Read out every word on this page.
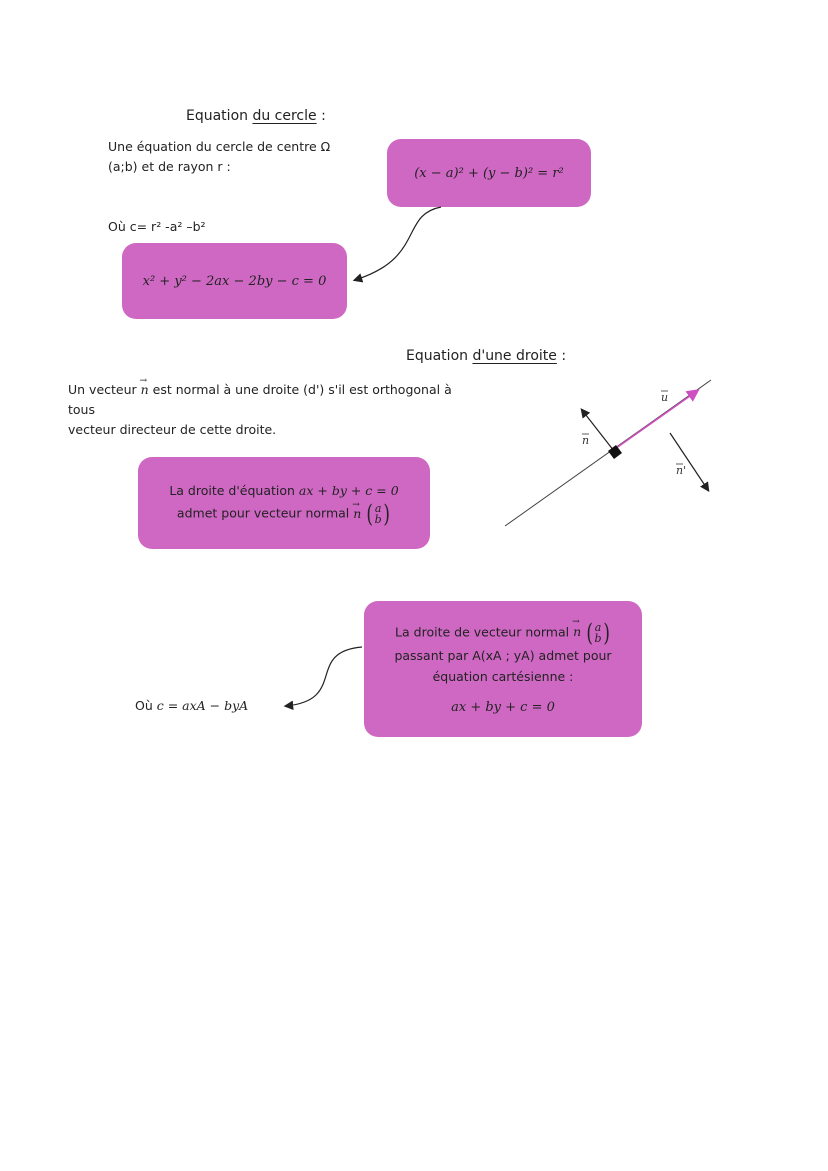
Equation du cercle :
Une équation du cercle de centre Ω
(a;b) et de rayon r :	(x − a)² + (y − b)² = r²
Où c= r² -a² –b²
x² + y² − 2ax − 2by − c = 0
Equation d'une droite :
Un vecteur n → est normal à une droite (d') s'il est orthogonal à tous
vecteur directeur de cette droite.
La droite d'équation ax + by + c = 0
admet pour vecteur normal n → ( a
b )
La droite de vecteur normal n → ( a
b )
passant par A(xA ; yA) admet pour
équation cartésienne :
ax + by + c = 0
Où c = axA − byA
u
n
n'
